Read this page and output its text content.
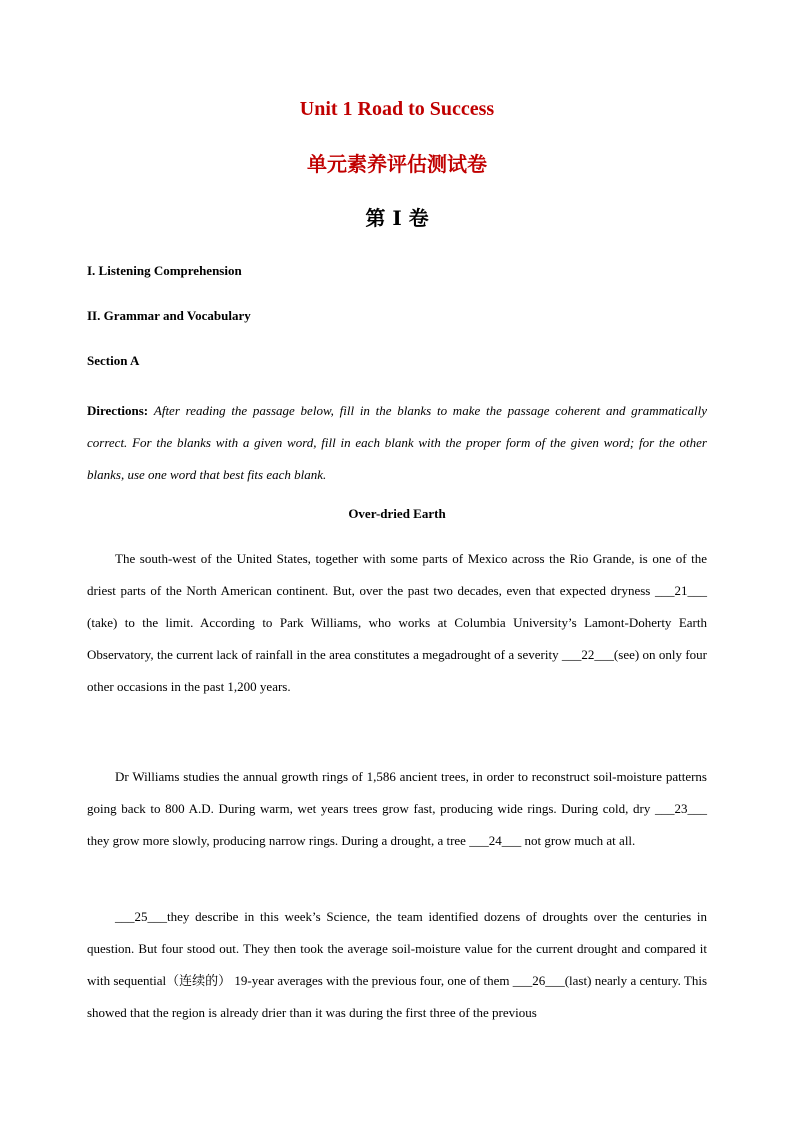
Unit 1 Road to Success
单元素养评估测试卷
第 I 卷
I. Listening Comprehension
II. Grammar and Vocabulary
Section A
Directions: After reading the passage below, fill in the blanks to make the passage coherent and grammatically correct. For the blanks with a given word, fill in each blank with the proper form of the given word; for the other blanks, use one word that best fits each blank.
Over-dried Earth
The south-west of the United States, together with some parts of Mexico across the Rio Grande, is one of the driest parts of the North American continent. But, over the past two decades, even that expected dryness ___21___ (take) to the limit. According to Park Williams, who works at Columbia University’s Lamont-Doherty Earth Observatory, the current lack of rainfall in the area constitutes a megadrought of a severity ___22___(see) on only four other occasions in the past 1,200 years.
Dr Williams studies the annual growth rings of 1,586 ancient trees, in order to reconstruct soil-moisture patterns going back to 800 A.D. During warm, wet years trees grow fast, producing wide rings. During cold, dry ___23___ they grow more slowly, producing narrow rings. During a drought, a tree ___24___ not grow much at all.
___25___they describe in this week’s Science, the team identified dozens of droughts over the centuries in question. But four stood out. They then took the average soil-moisture value for the current drought and compared it with sequential（连续的） 19-year averages with the previous four, one of them ___26___(last) nearly a century. This showed that the region is already drier than it was during the first three of the previous
